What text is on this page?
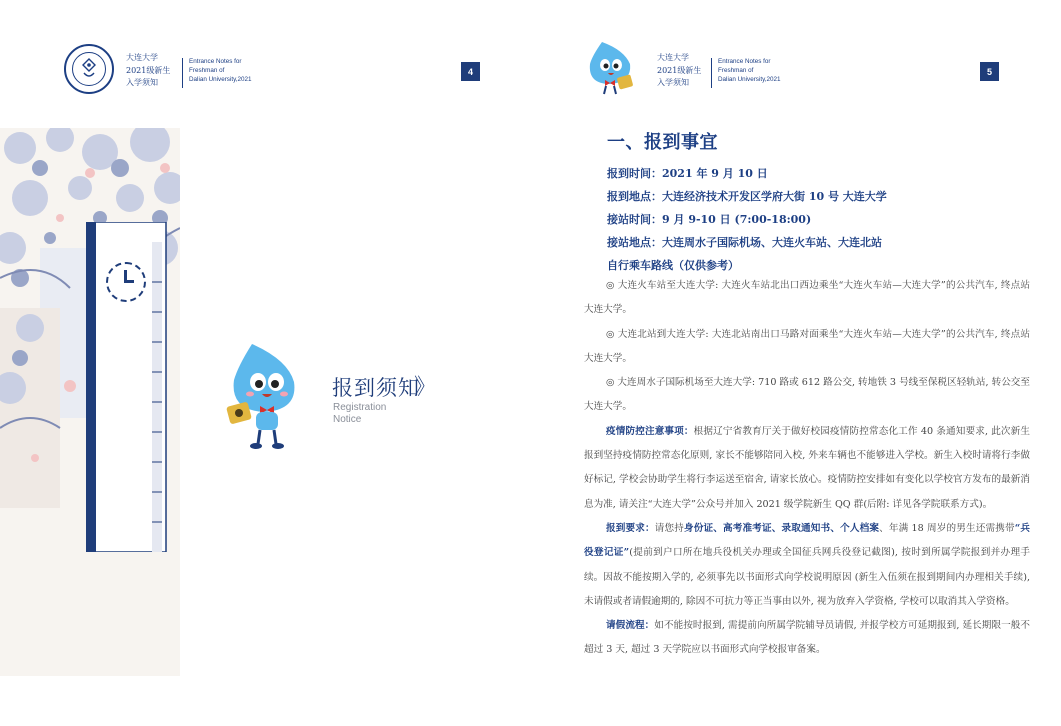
大连大学
2021级新生
入学须知
Entrance Notes for
Freshman of
Dalian University,2021
4
报到须知
》
Registration
Notice
大连大学
2021级新生
入学须知
Entrance Notes for
Freshman of
Dalian University,2021
5
一、报到事宜
报到时间：2021 年 9 月 10 日
报到地点：大连经济技术开发区学府大街 10 号 大连大学
接站时间：9 月 9-10 日 (7:00-18:00)
接站地点：大连周水子国际机场、大连火车站、大连北站
自行乘车路线（仅供参考）

◎ 大连火车站至大连大学: 大连火车站北出口西边乘坐“大连火车站—大连大学”的公共汽车, 终点站大连大学。

◎ 大连北站到大连大学: 大连北站南出口马路对面乘坐“大连火车站—大连大学”的公共汽车, 终点站大连大学。

◎ 大连周水子国际机场至大连大学: 710 路或 612 路公交, 转地铁 3 号线至保税区轻轨站, 转公交至大连大学。

疫情防控注意事项：根据辽宁省教育厅关于做好校园疫情防控常态化工作 40 条通知要求, 此次新生报到坚持疫情防控常态化原则, 家长不能够陪同入校, 外来车辆也不能够进入学校。新生入校时请将行李做好标记, 学校会协助学生将行李运送至宿舍, 请家长放心。疫情防控安排如有变化以学校官方发布的最新消息为准, 请关注“大连大学”公众号并加入 2021 级学院新生 QQ 群(后附: 详见各学院联系方式)。

报到要求：请您持身份证、高考准考证、录取通知书、个人档案、年满 18 周岁的男生还需携带“兵役登记证”(提前到户口所在地兵役机关办理或全国征兵网兵役登记截图), 按时到所属学院报到并办理手续。因故不能按期入学的, 必须事先以书面形式向学校说明原因 (新生入伍须在报到期间内办理相关手续), 未请假或者请假逾期的, 除因不可抗力等正当事由以外, 视为放弃入学资格, 学校可以取消其入学资格。

请假流程：如不能按时报到, 需提前向所属学院辅导员请假, 并报学校方可延期报到, 延长期限一般不超过 3 天, 超过 3 天学院应以书面形式向学校报审备案。
